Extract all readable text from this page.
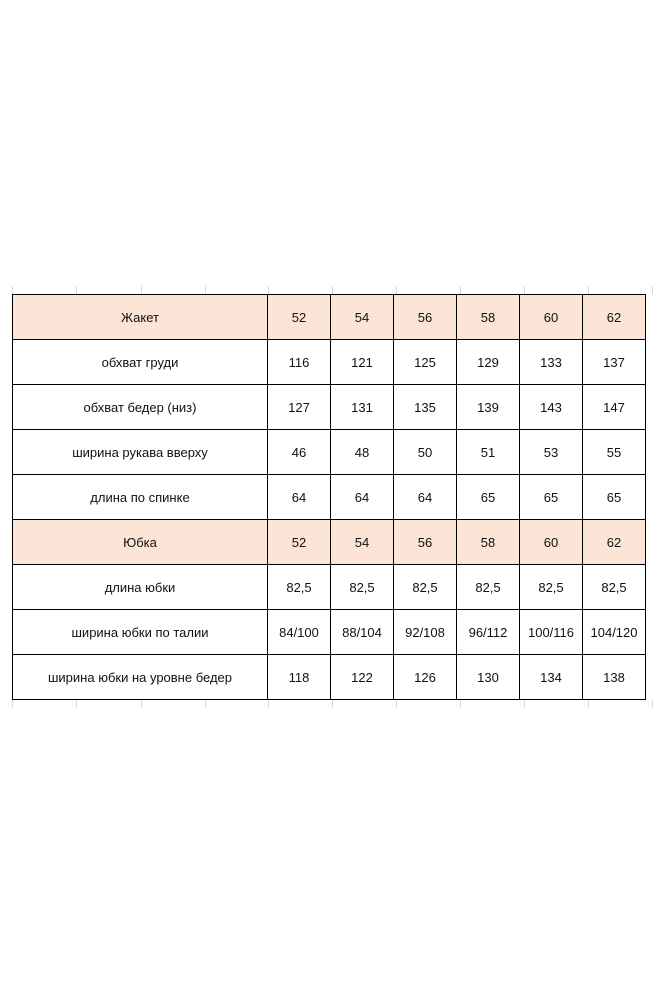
Жакет	52	54	56	58	60	62
обхват груди	116	121	125	129	133	137
обхват бедер (низ)	127	131	135	139	143	147
ширина рукава вверху	46	48	50	51	53	55
длина по спинке	64	64	64	65	65	65
Юбка	52	54	56	58	60	62
длина юбки	82,5	82,5	82,5	82,5	82,5	82,5
ширина юбки по талии	84/100	88/104	92/108	96/112	100/116	104/120
ширина юбки на уровне бедер	118	122	126	130	134	138
